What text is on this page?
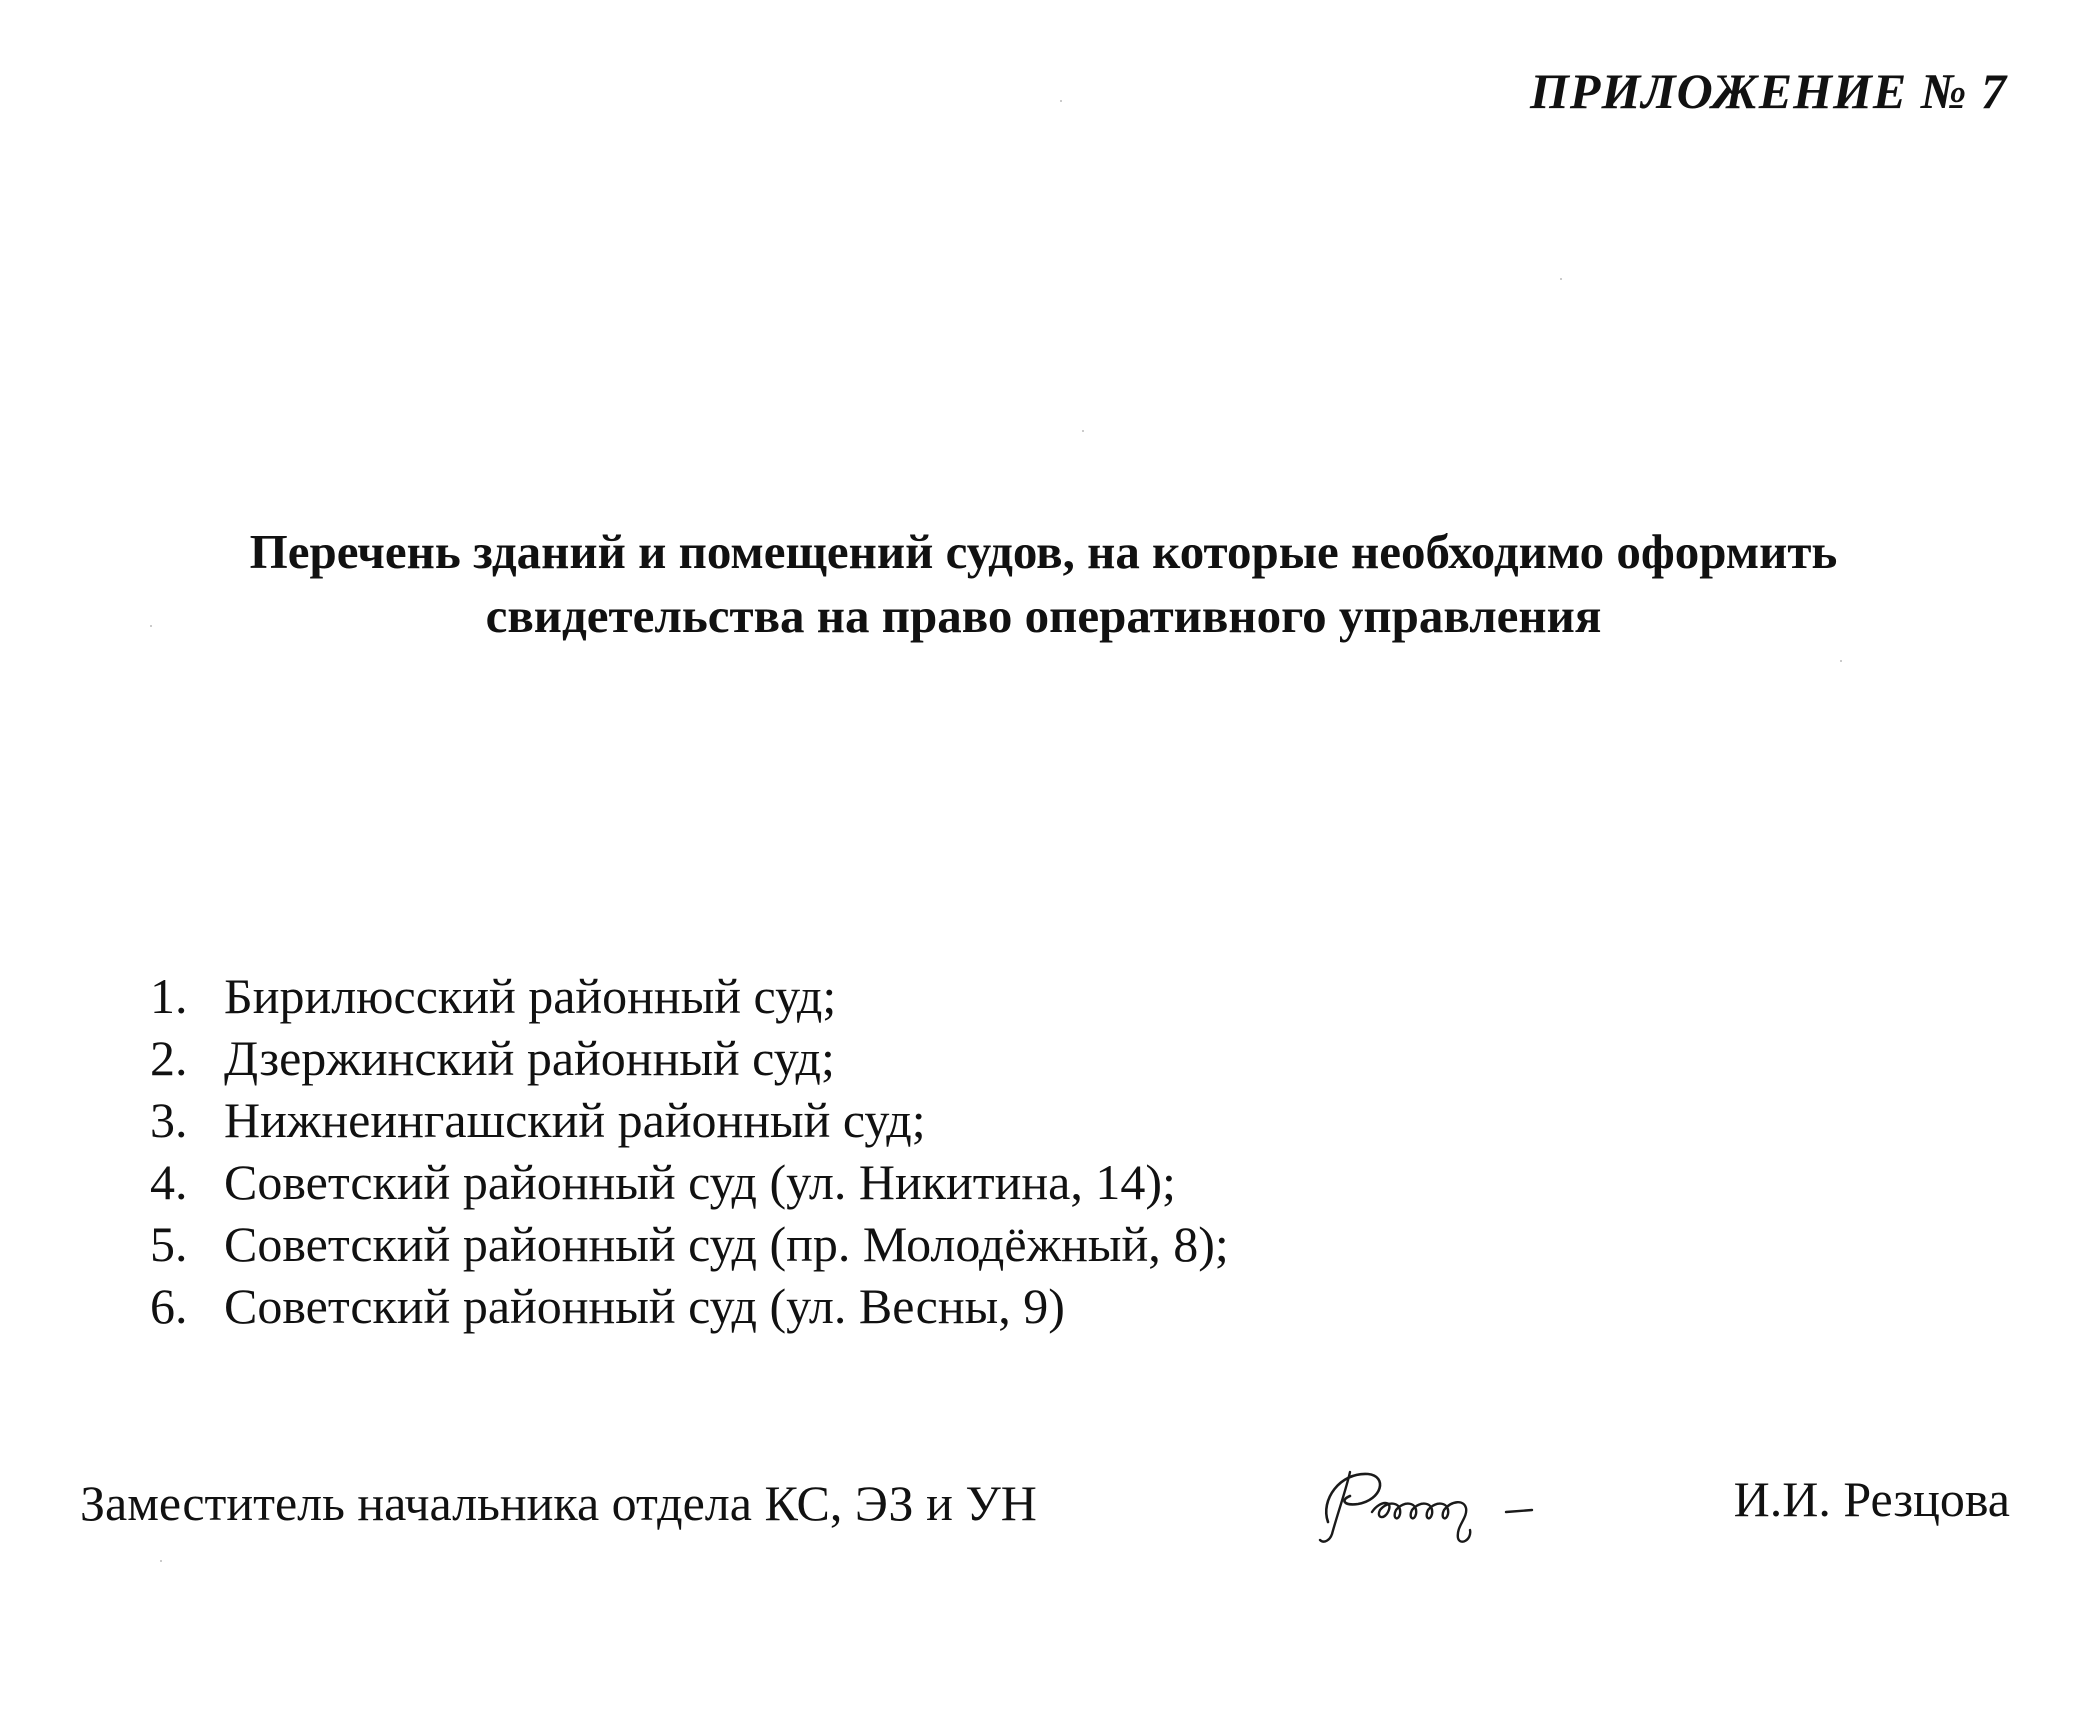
ПРИЛОЖЕНИЕ № 7
Перечень зданий и помещений судов, на которые необходимо оформить
свидетельства на право оперативного управления
1. Бирилюсский районный суд;
2. Дзержинский районный суд;
3. Нижнеингашский районный суд;
4. Советский районный суд (ул. Никитина, 14);
5. Советский районный суд (пр. Молодёжный, 8);
6. Советский районный суд (ул. Весны, 9)
Заместитель начальника отдела КС, ЭЗ и УН	И.И. Резцова
